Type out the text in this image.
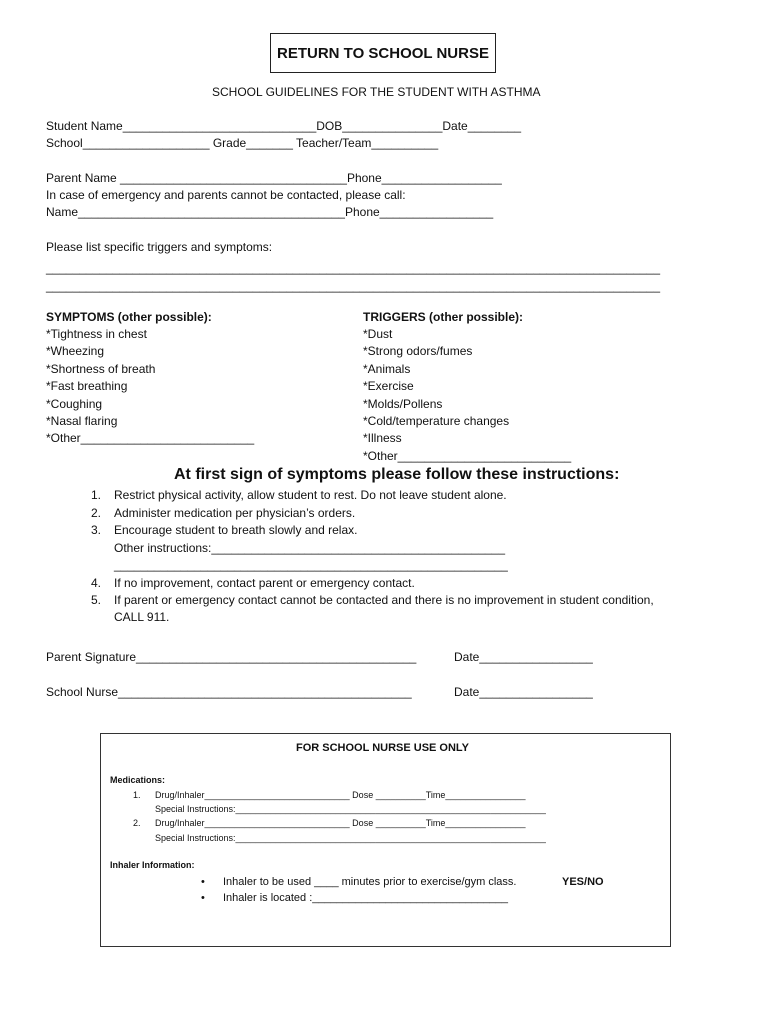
RETURN TO SCHOOL NURSE
SCHOOL GUIDELINES FOR THE STUDENT WITH ASTHMA
Student Name_____________________________DOB_______________Date________
School___________________ Grade_______ Teacher/Team__________
Parent Name __________________________________Phone__________________
In case of emergency and parents cannot be contacted, please call:
Name________________________________________Phone_________________
Please list specific triggers and symptoms:
____________________________________________________________________________________________
____________________________________________________________________________________________
SYMPTOMS (other possible):
*Tightness in chest
*Wheezing
*Shortness of breath
*Fast breathing
*Coughing
*Nasal flaring
*Other__________________________
TRIGGERS (other possible):
*Dust
*Strong odors/fumes
*Animals
*Exercise
*Molds/Pollens
*Cold/temperature changes
*Illness
*Other__________________________
At first sign of symptoms please follow these instructions:
1. Restrict physical activity, allow student to rest. Do not leave student alone.
2. Administer medication per physician’s orders.
3. Encourage student to breath slowly and relax.
Other instructions:____________________________________________
___________________________________________________________
4. If no improvement, contact parent or emergency contact.
5. If parent or emergency contact cannot be contacted and there is no improvement in student condition,
CALL 911.
Parent Signature__________________________________________	Date_________________
School Nurse____________________________________________	Date_________________
FOR SCHOOL NURSE USE ONLY
Medications:
1. Drug/Inhaler_____________________________ Dose __________Time________________
Special Instructions:______________________________________________________________
2. Drug/Inhaler_____________________________ Dose __________Time________________
Special Instructions:______________________________________________________________
Inhaler Information:
• Inhaler to be used ____ minutes prior to exercise/gym class.	YES/NO
• Inhaler is located :________________________________
